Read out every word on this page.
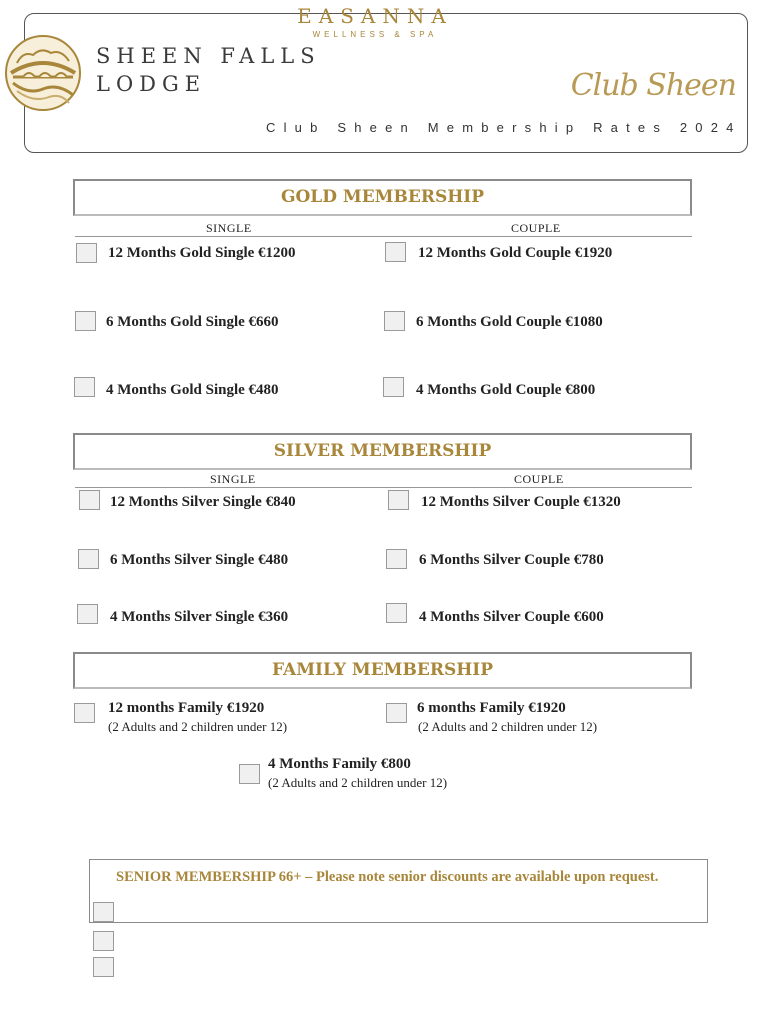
EASANNA
WELLNESS & SPA
SHEEN FALLS
LODGE	Club Sheen
Club Sheen Membership Rates 2024
GOLD MEMBERSHIP
SINGLE	COUPLE
12 Months Gold Single €1200	12 Months Gold Couple €1920
6 Months Gold Single €660	6 Months Gold Couple €1080
4 Months Gold Single €480	4 Months Gold Couple €800
SILVER MEMBERSHIP
SINGLE	COUPLE
12 Months Silver Single €840	12 Months Silver Couple €1320
6 Months Silver Single €480	6 Months Silver Couple €780
4 Months Silver Single €360	4 Months Silver Couple €600
FAMILY MEMBERSHIP
12 months Family €1920
(2 Adults and 2 children under 12)
6 months Family €1920
(2 Adults and 2 children under 12)
4 Months Family €800
(2 Adults and 2 children under 12)
SENIOR MEMBERSHIP 66+ – Please note senior discounts are available upon request.
